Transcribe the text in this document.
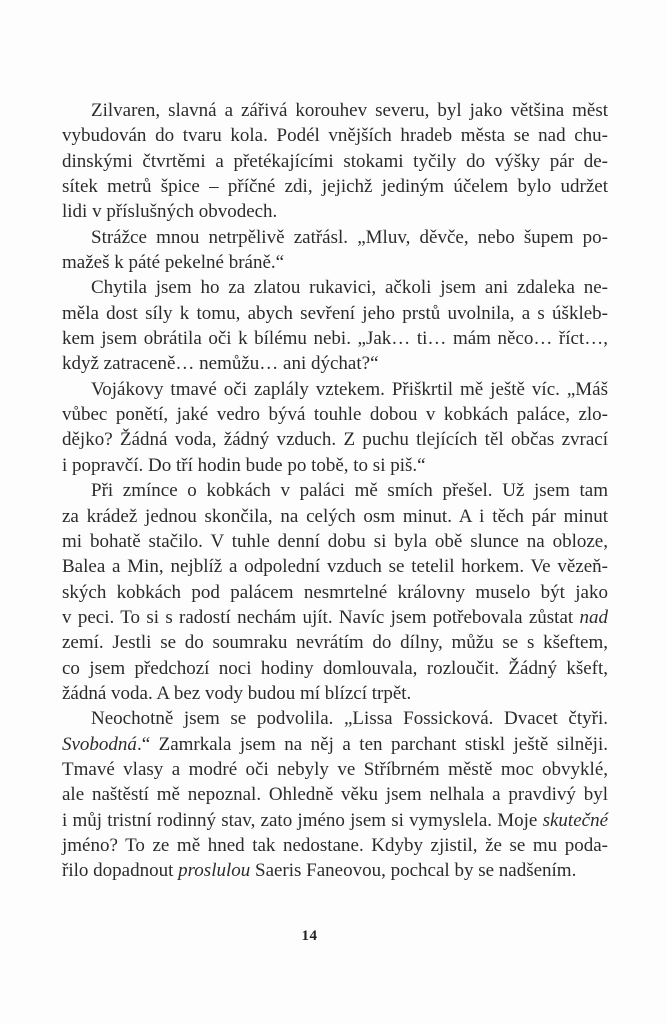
Zilvaren, slavná a zářivá korouhev severu, byl jako většina měst
vybudován do tvaru kola. Podél vnějších hradeb města se nad chu-
dinskými čtvrtěmi a přetékajícími stokami tyčily do výšky pár de-
sítek metrů špice – příčné zdi, jejichž jediným účelem bylo udržet
lidi v příslušných obvodech.
Strážce mnou netrpělivě zatřásl. „Mluv, děvče, nebo šupem po-
mažeš k páté pekelné bráně.“
Chytila jsem ho za zlatou rukavici, ačkoli jsem ani zdaleka ne-
měla dost síly k tomu, abych sevření jeho prstů uvolnila, a s úškleb-
kem jsem obrátila oči k bílému nebi. „Jak… ti… mám něco… říct…,
když zatraceně… nemůžu… ani dýchat?“
Vojákovy tmavé oči zaplály vztekem. Přiškrtil mě ještě víc. „Máš
vůbec ponětí, jaké vedro bývá touhle dobou v kobkách paláce, zlo-
dějko? Žádná voda, žádný vzduch. Z puchu tlejících těl občas zvrací
i popravčí. Do tří hodin bude po tobě, to si piš.“
Při zmínce o kobkách v paláci mě smích přešel. Už jsem tam
za krádež jednou skončila, na celých osm minut. A i těch pár minut
mi bohatě stačilo. V tuhle denní dobu si byla obě slunce na obloze,
Balea a Min, nejblíž a odpolední vzduch se tetelil horkem. Ve vězeň-
ských kobkách pod palácem nesmrtelné královny muselo být jako
v peci. To si s radostí nechám ujít. Navíc jsem potřebovala zůstat nad
zemí. Jestli se do soumraku nevrátím do dílny, můžu se s kšeftem,
co jsem předchozí noci hodiny domlouvala, rozloučit. Žádný kšeft,
žádná voda. A bez vody budou mí blízcí trpět.
Neochotně jsem se podvolila. „Lissa Fossicková. Dvacet čtyři.
Svobodná.“ Zamrkala jsem na něj a ten parchant stiskl ještě silněji.
Tmavé vlasy a modré oči nebyly ve Stříbrném městě moc obvyklé,
ale naštěstí mě nepoznal. Ohledně věku jsem nelhala a pravdivý byl
i můj tristní rodinný stav, zato jméno jsem si vymyslela. Moje skutečné
jméno? To ze mě hned tak nedostane. Kdyby zjistil, že se mu poda-
řilo dopadnout proslulou Saeris Faneovou, pochcal by se nadšením.
14
